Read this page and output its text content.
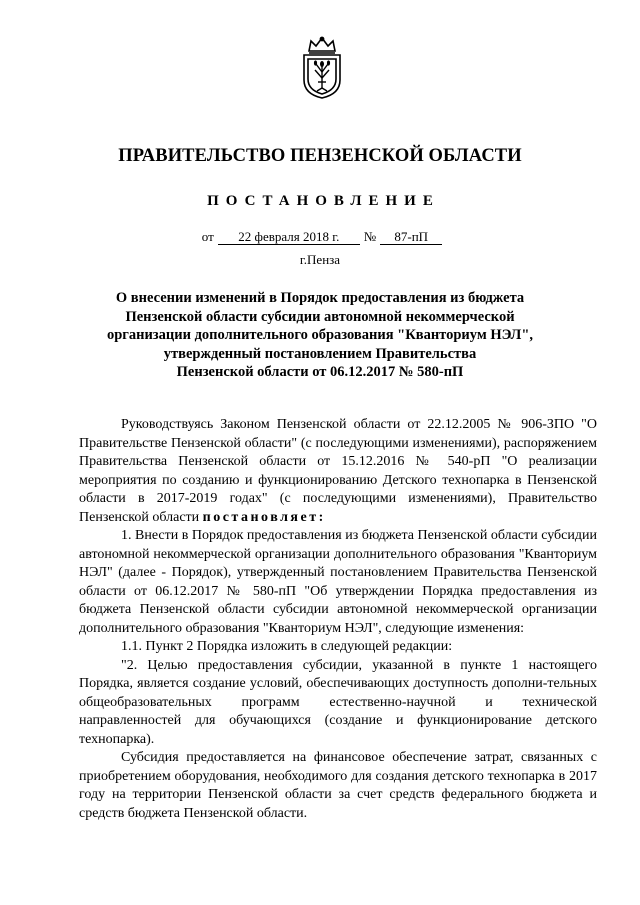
ПРАВИТЕЛЬСТВО ПЕНЗЕНСКОЙ ОБЛАСТИ
ПОСТАНОВЛЕНИЕ
от 22 февраля 2018 г. № 87-пП
г.Пенза
О внесении изменений в Порядок предоставления из бюджета
Пензенской области субсидии автономной некоммерческой
организации дополнительного образования "Кванториум НЭЛ",
утвержденный постановлением Правительства
Пензенской области от 06.12.2017 № 580-пП

Руководствуясь Законом Пензенской области от 22.12.2005 № 906-ЗПО "О Правительстве Пензенской области" (с последующими изменениями), распоряжением Правительства Пензенской области от 15.12.2016 № 540-рП "О реализации мероприятия по созданию и функционированию Детского технопарка в Пензенской области в 2017-2019 годах" (с последующими изменениями), Правительство Пензенской области постановляет:

1. Внести в Порядок предоставления из бюджета Пензенской области субсидии автономной некоммерческой организации дополнительного образования "Кванториум НЭЛ" (далее - Порядок), утвержденный постановлением Правительства Пензенской области от 06.12.2017 № 580-пП "Об утверждении Порядка предоставления из бюджета Пензенской области субсидии автономной некоммерческой организации дополнительного образования "Кванториум НЭЛ", следующие изменения:

1.1. Пункт 2 Порядка изложить в следующей редакции:

"2. Целью предоставления субсидии, указанной в пункте 1 настоящего Порядка, является создание условий, обеспечивающих доступность дополни-тельных общеобразовательных программ естественно-научной и технической направленностей для обучающихся (создание и функционирование детского технопарка).

Субсидия предоставляется на финансовое обеспечение затрат, связанных с приобретением оборудования, необходимого для создания детского технопарка в 2017 году на территории Пензенской области за счет средств федерального бюджета и средств бюджета Пензенской области.
